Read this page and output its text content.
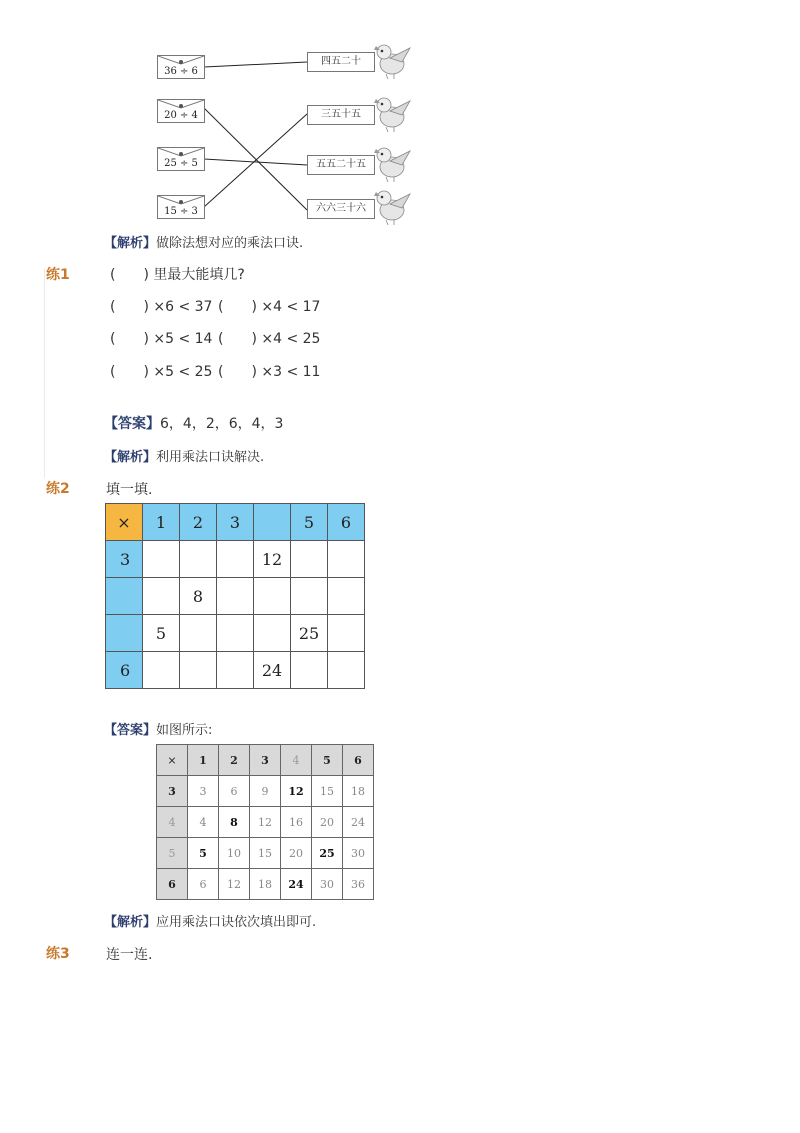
36 ÷ 6
20 ÷ 4
25 ÷ 5
15 ÷ 3
四五二十
三五十五
五五二十五
六六三十六
【解析】做除法想对应的乘法口诀.
练1	(　　) 里最大能填几?
(　　) ×6 < 37 (　　) ×4 < 17
(　　) ×5 < 14 (　　) ×4 < 25
(　　) ×5 < 25 (　　) ×3 < 11
【答案】6，4，2，6，4，3
【解析】利用乘法口诀解决.
练2	填一填.
×	1	2	3		5	6
3				12		
		8				
	5				25	
6				24		
【答案】如图所示:
×	1	2	3	4	5	6
3	3	6	9	12	15	18
4	4	8	12	16	20	24
5	5	10	15	20	25	30
6	6	12	18	24	30	36
【解析】应用乘法口诀依次填出即可.
练3	连一连.
